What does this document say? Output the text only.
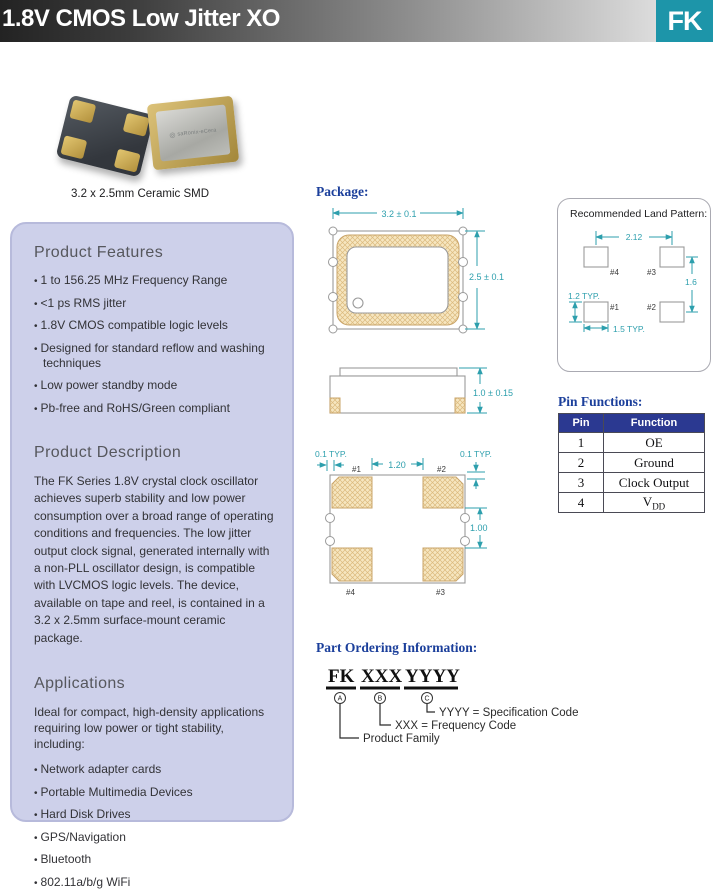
1.8V CMOS Low Jitter XO	FK
◎ saRonix-eCera
3.2 x 2.5mm Ceramic SMD
Product Features
• 1 to 156.25 MHz Frequency Range
• <1 ps RMS jitter
• 1.8V CMOS compatible logic levels
• Designed for standard reflow and washing techniques
• Low power standby mode
• Pb-free and RoHS/Green compliant
Product Description

The FK Series 1.8V crystal clock oscillator achieves superb stability and low power consumption over a broad range of operating conditions and frequencies. The low jitter output clock signal, generated internally with a non-PLL oscillator design, is compatible with LVCMOS logic levels. The device, available on tape and reel, is contained in a 3.2 x 2.5mm surface-mount ceramic package.

Applications

Ideal for compact, high-density applications requiring low power or tight stability, including:

• Network adapter cards
• Portable Multimedia Devices
• Hard Disk Drives
• GPS/Navigation
• Bluetooth
• 802.11a/b/g WiFi
Package:
3.2 ± 0.1
2.5 ± 0.1
1.0 ± 0.15
#1	#2
#4	#3
0.1 TYP.
1.20
0.1 TYP.
1.00
Recommended Land Pattern:
#4	#3
#1	#2
2.12
1.6
1.2 TYP.
1.5 TYP.
Pin Functions:
Pin	Function
1	OE
2	Ground
3	Clock Output
4	$V_{DD}$
Part Ordering Information:
FK XXX YYYY
A	B	C
YYYY = Specification Code
XXX = Frequency Code
Product Family
